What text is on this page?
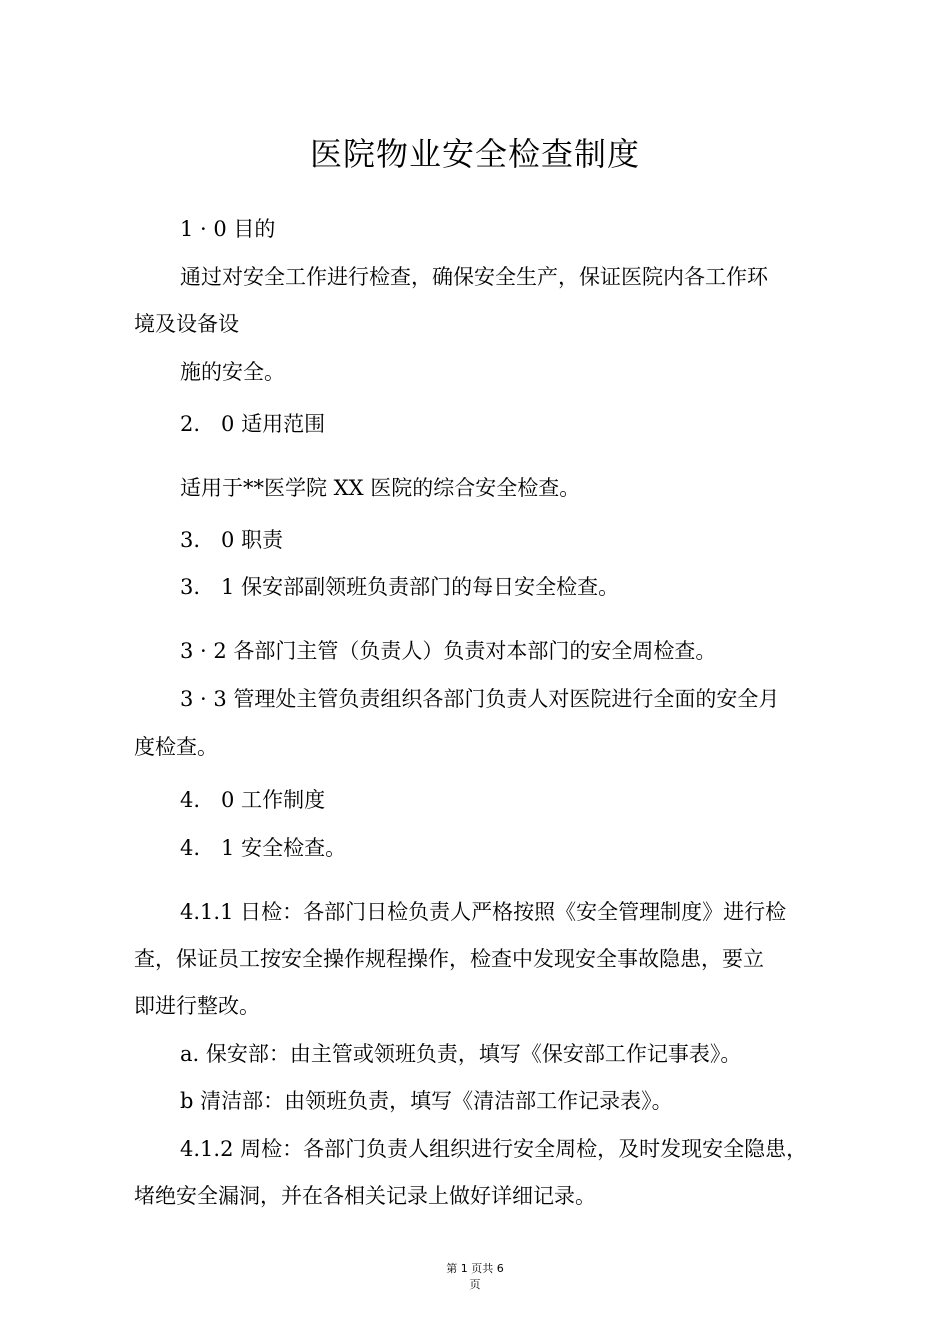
医院物业安全检查制度
1 · 0 目的
通过对安全工作进行检查，确保安全生产，保证医院内各工作环
境及设备设
施的安全。
2.　0 适用范围
适用于**医学院 XX 医院的综合安全检查。
3.　0 职责
3.　1 保安部副领班负责部门的每日安全检查。
3 · 2 各部门主管（负责人）负责对本部门的安全周检查。
3 · 3 管理处主管负责组织各部门负责人对医院进行全面的安全月
度检查。
4.　0 工作制度
4.　1 安全检查。
4.1.1 日检：各部门日检负责人严格按照《安全管理制度》进行检
查，保证员工按安全操作规程操作，检查中发现安全事故隐患，要立
即进行整改。
a. 保安部：由主管或领班负责，填写《保安部工作记事表》。
b 清洁部：由领班负责，填写《清洁部工作记录表》。
4.1.2 周检：各部门负责人组织进行安全周检，及时发现安全隐患，
堵绝安全漏洞，并在各相关记录上做好详细记录。
第 1 页共 6
页
